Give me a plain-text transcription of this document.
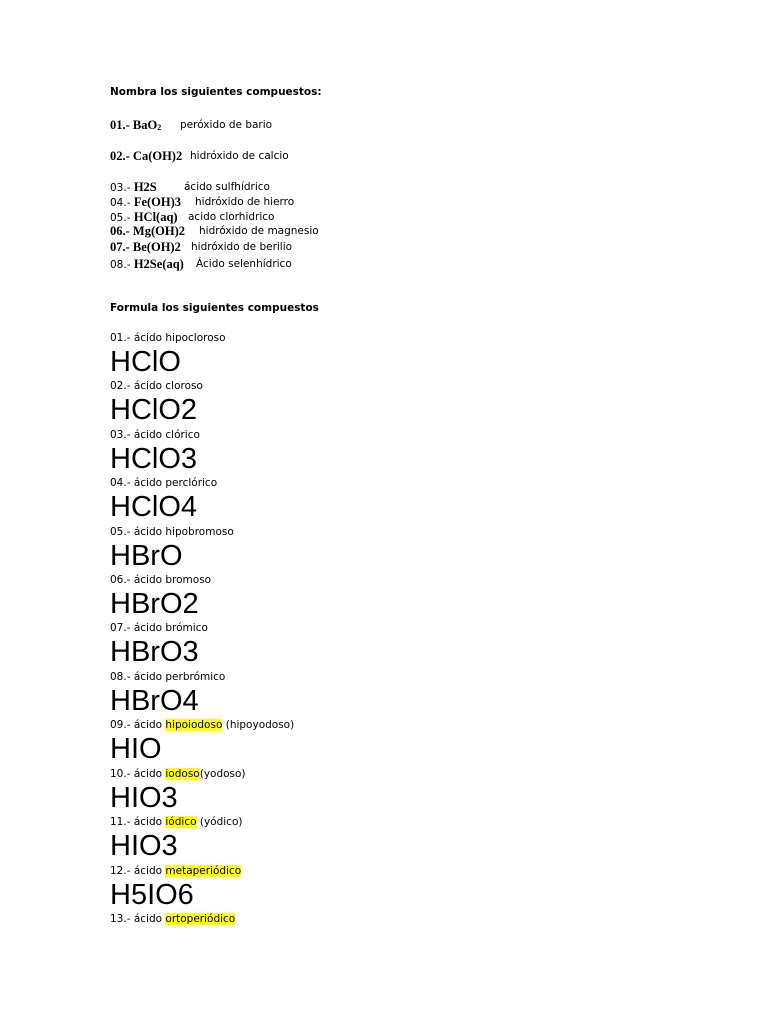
Nombra los siguientes compuestos:
01.- BaO$_2$ peróxido de bario
02.- Ca(OH)2 hidróxido de calcio
03.- H2S	ácido sulfhídrico
04.- Fe(OH)3 hidróxido de hierro
05.- HCl(aq) acido clorhidrico
06.- Mg(OH)2 hidróxido de magnesio
07.- Be(OH)2 hidróxido de berilio
08.- H2Se(aq) Ácido selenhídrico
Formula los siguientes compuestos
01.- ácido hipocloroso
HClO
02.- ácido cloroso
HClO2
03.- ácido clórico
HClO3
04.- ácido perclórico
HClO4
05.- ácido hipobromoso
HBrO
06.- ácido bromoso
HBrO2
07.- ácido brómico
HBrO3
08.- ácido perbrómico
HBrO4
09.- ácido hipoiodoso (hipoyodoso)
HIO
10.- ácido iodoso(yodoso)
HIO3
11.- ácido iódico (yódico)
HIO3
12.- ácido metaperiódico
H5IO6
13.- ácido ortoperiódico
